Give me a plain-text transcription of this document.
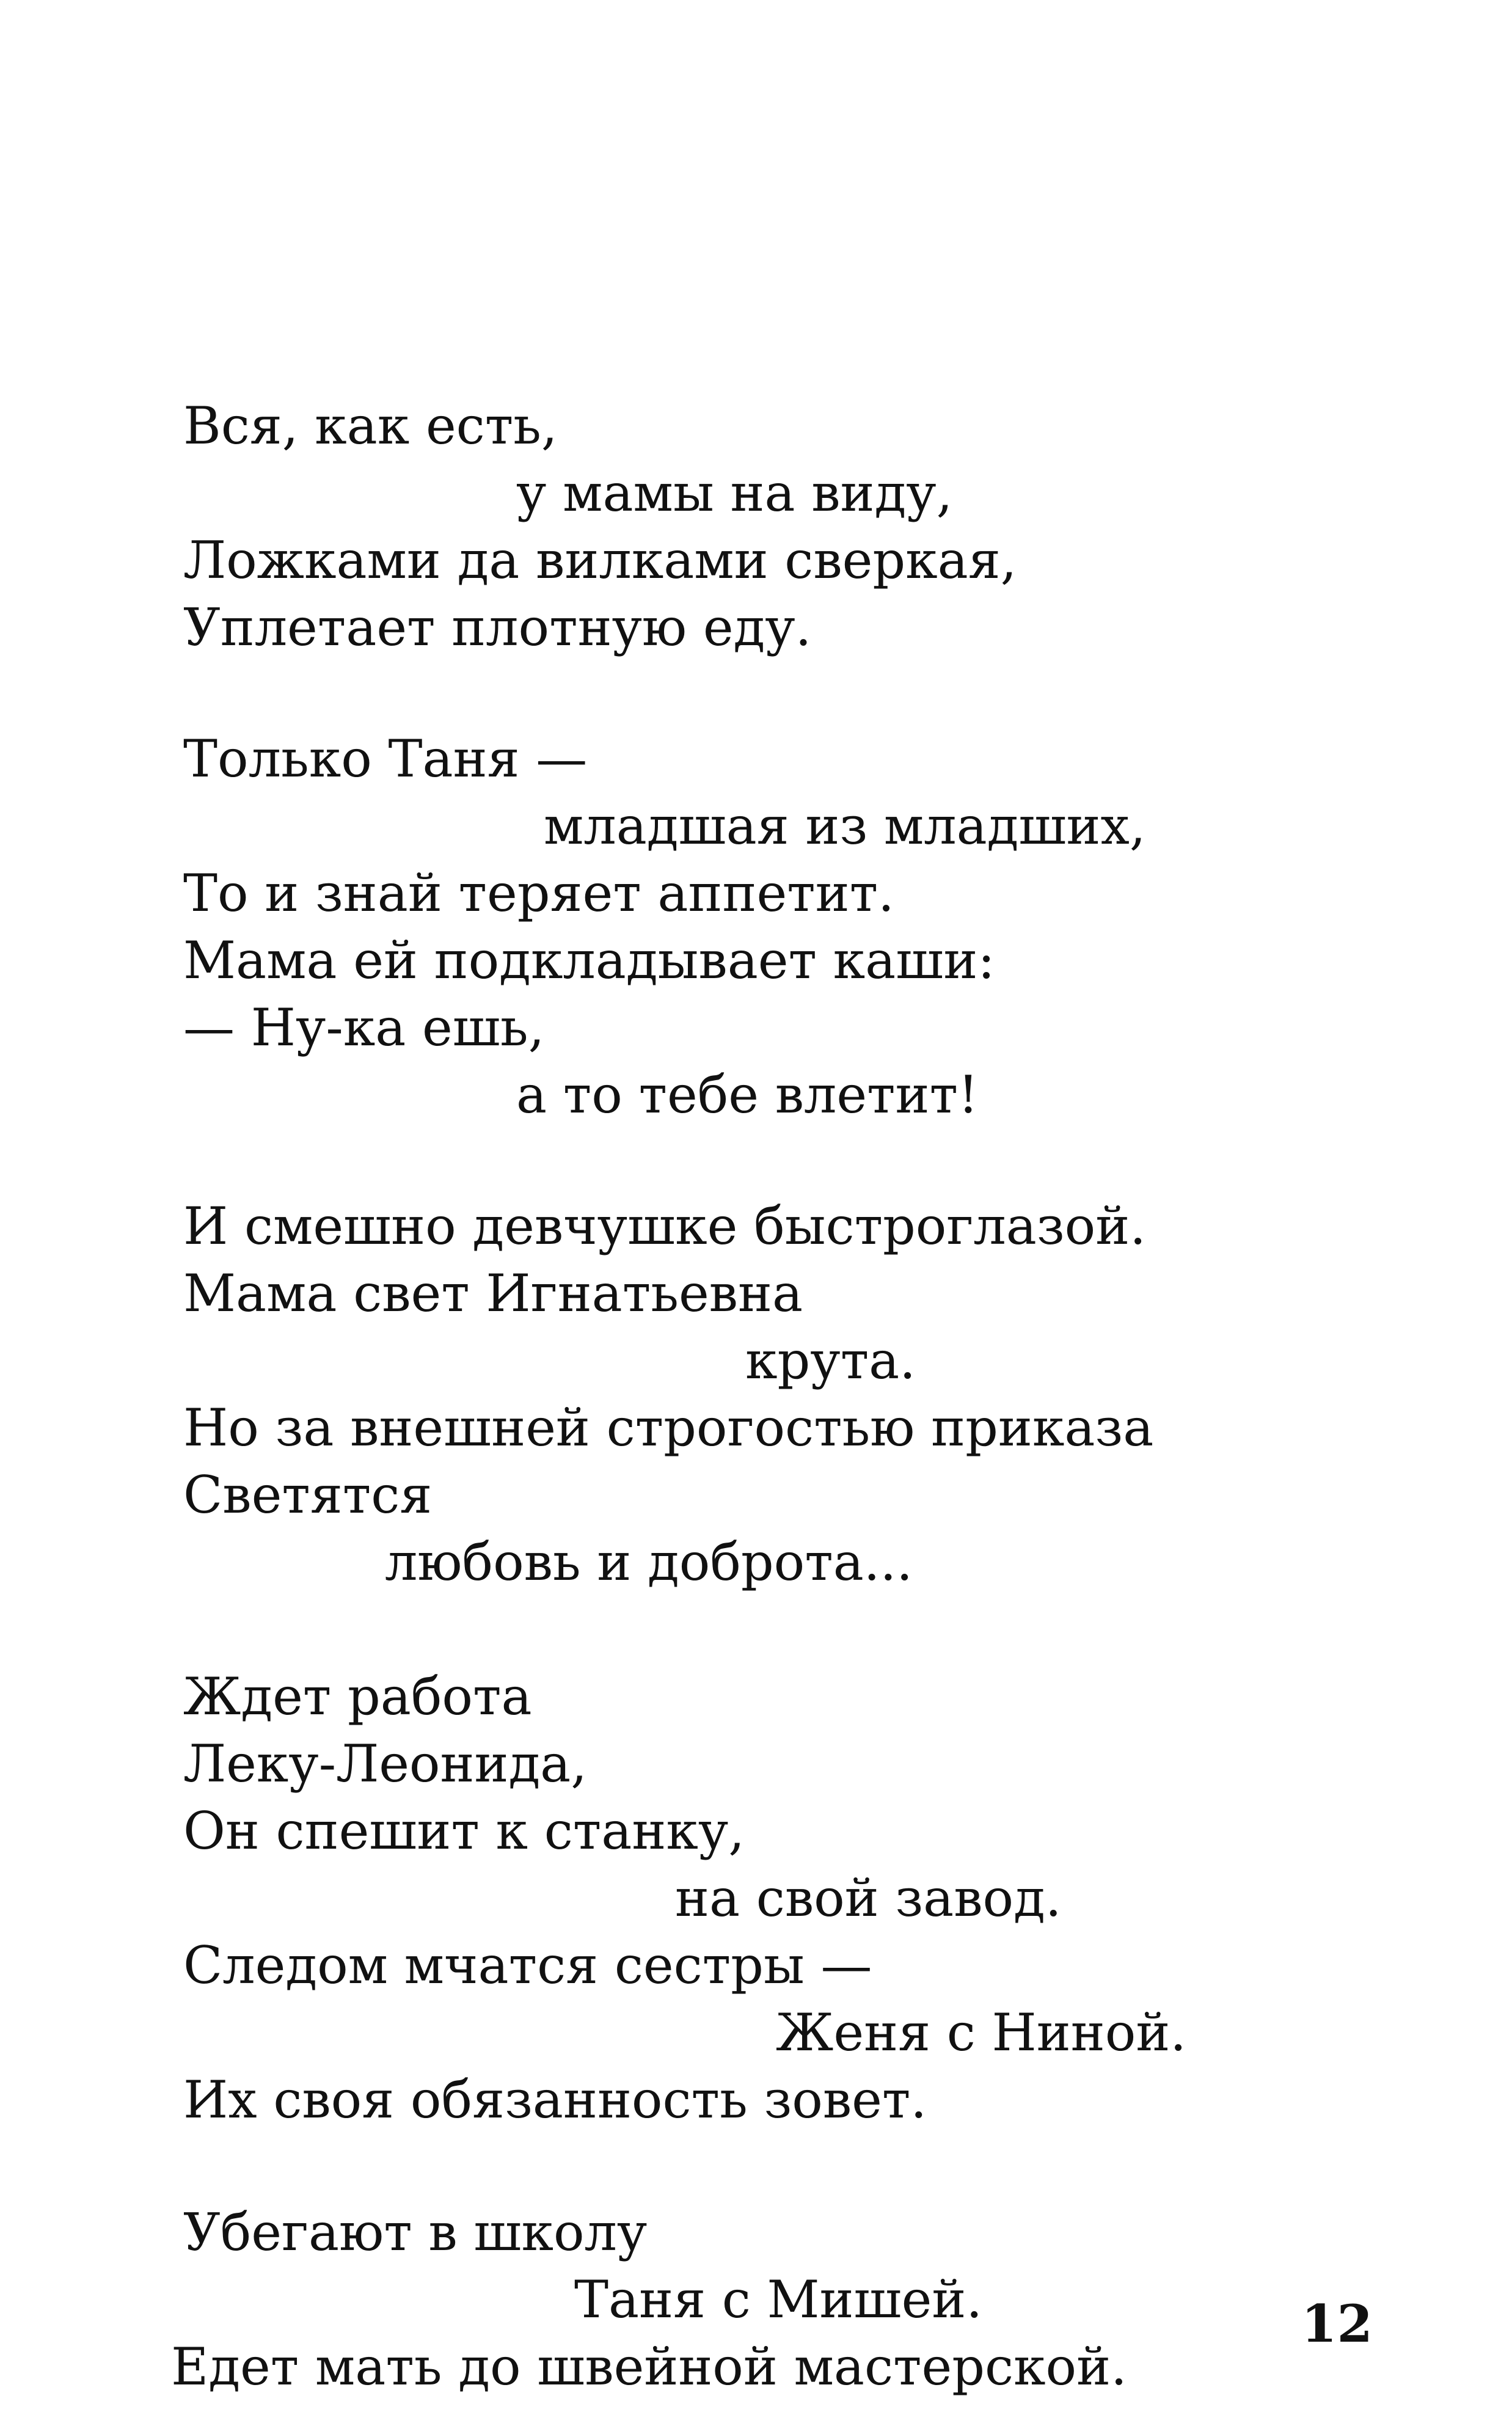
Вся, как есть,

у мамы на виду,

Ложками да вилками сверкая,

Уплетает плотную еду.

Только Таня —

младшая из младших,

То и знай теряет аппетит.

Мама ей подкладывает каши:

— Ну-ка ешь,

а то тебе влетит!

И смешно девчушке быстроглазой.

Мама свет Игнатьевна

крута.

Но за внешней строгостью приказа

Светятся

любовь и доброта...

Ждет работа

Леку-Леонида,

Он спешит к станку,

на свой завод.

Следом мчатся сестры —

Женя с Ниной.

Их своя обязанность зовет.

Убегают в школу

Таня с Мишей.

Едет мать до швейной мастерской.

12
